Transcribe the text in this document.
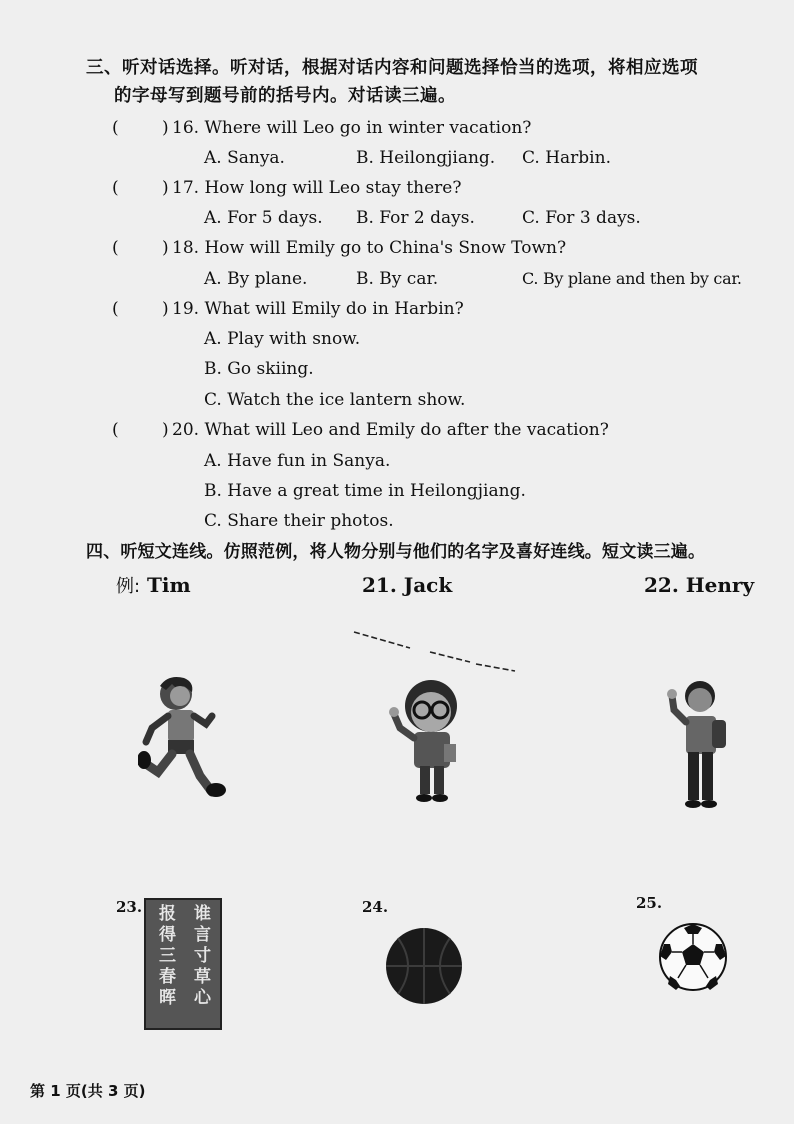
三、听对话选择。听对话，根据对话内容和问题选择恰当的选项，将相应选项
的字母写到题号前的括号内。对话读三遍。
(	) 16. Where will Leo go in winter vacation?
A. Sanya.	B. Heilongjiang. C. Harbin.
(	) 17. How long will Leo stay there?
A. For 5 days. B. For 2 days.	C. For 3 days.
(	) 18. How will Emily go to China's Snow Town?
A. By plane.	B. By car.	C. By plane and then by car.
(	) 19. What will Emily do in Harbin?
A. Play with snow.
B. Go skiing.
C. Watch the ice lantern show.
(	) 20. What will Leo and Emily do after the vacation?
A. Have fun in Sanya.
B. Have a great time in Heilongjiang.
C. Share their photos.
四、听短文连线。仿照范例，将人物分别与他们的名字及喜好连线。短文读三遍。
例: Tim	21. Jack	22. Henry
23.	24.	25.
谁言寸草心
报得三春晖
第 1 页(共 3 页)
